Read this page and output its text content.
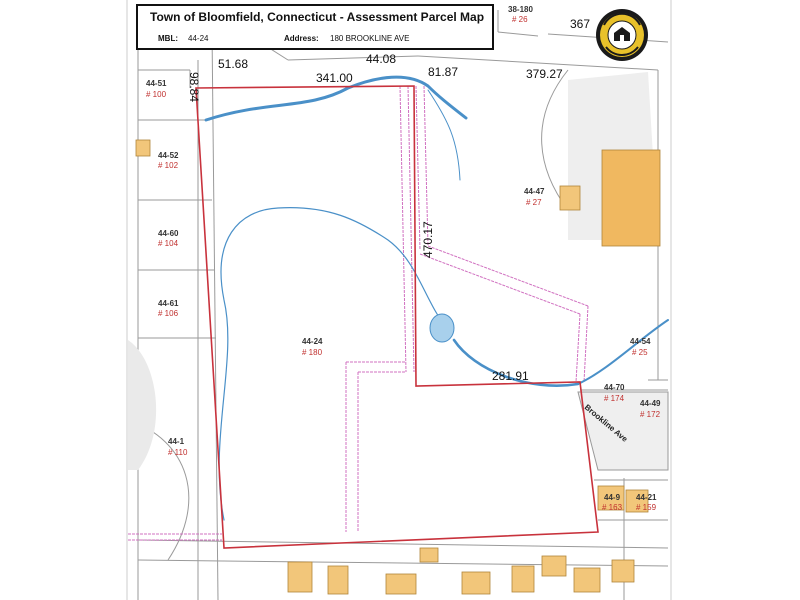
51.68
98.84	341.00
44.08
81.87	379.27
470.17
281.91
367
38-180
# 26
44-51
# 100
44-52
# 102
44-60
# 104
44-61
# 106
44-1
# 110
44-24
# 180
44-47
# 27
44-54
# 25
44-70
# 174
44-49
# 172
44-9
# 163
44-21
# 159
Brookline Ave
Town of Bloomfield, Connecticut - Assessment Parcel Map
MBL: 44-24	Address: 180 BROOKLINE AVE
